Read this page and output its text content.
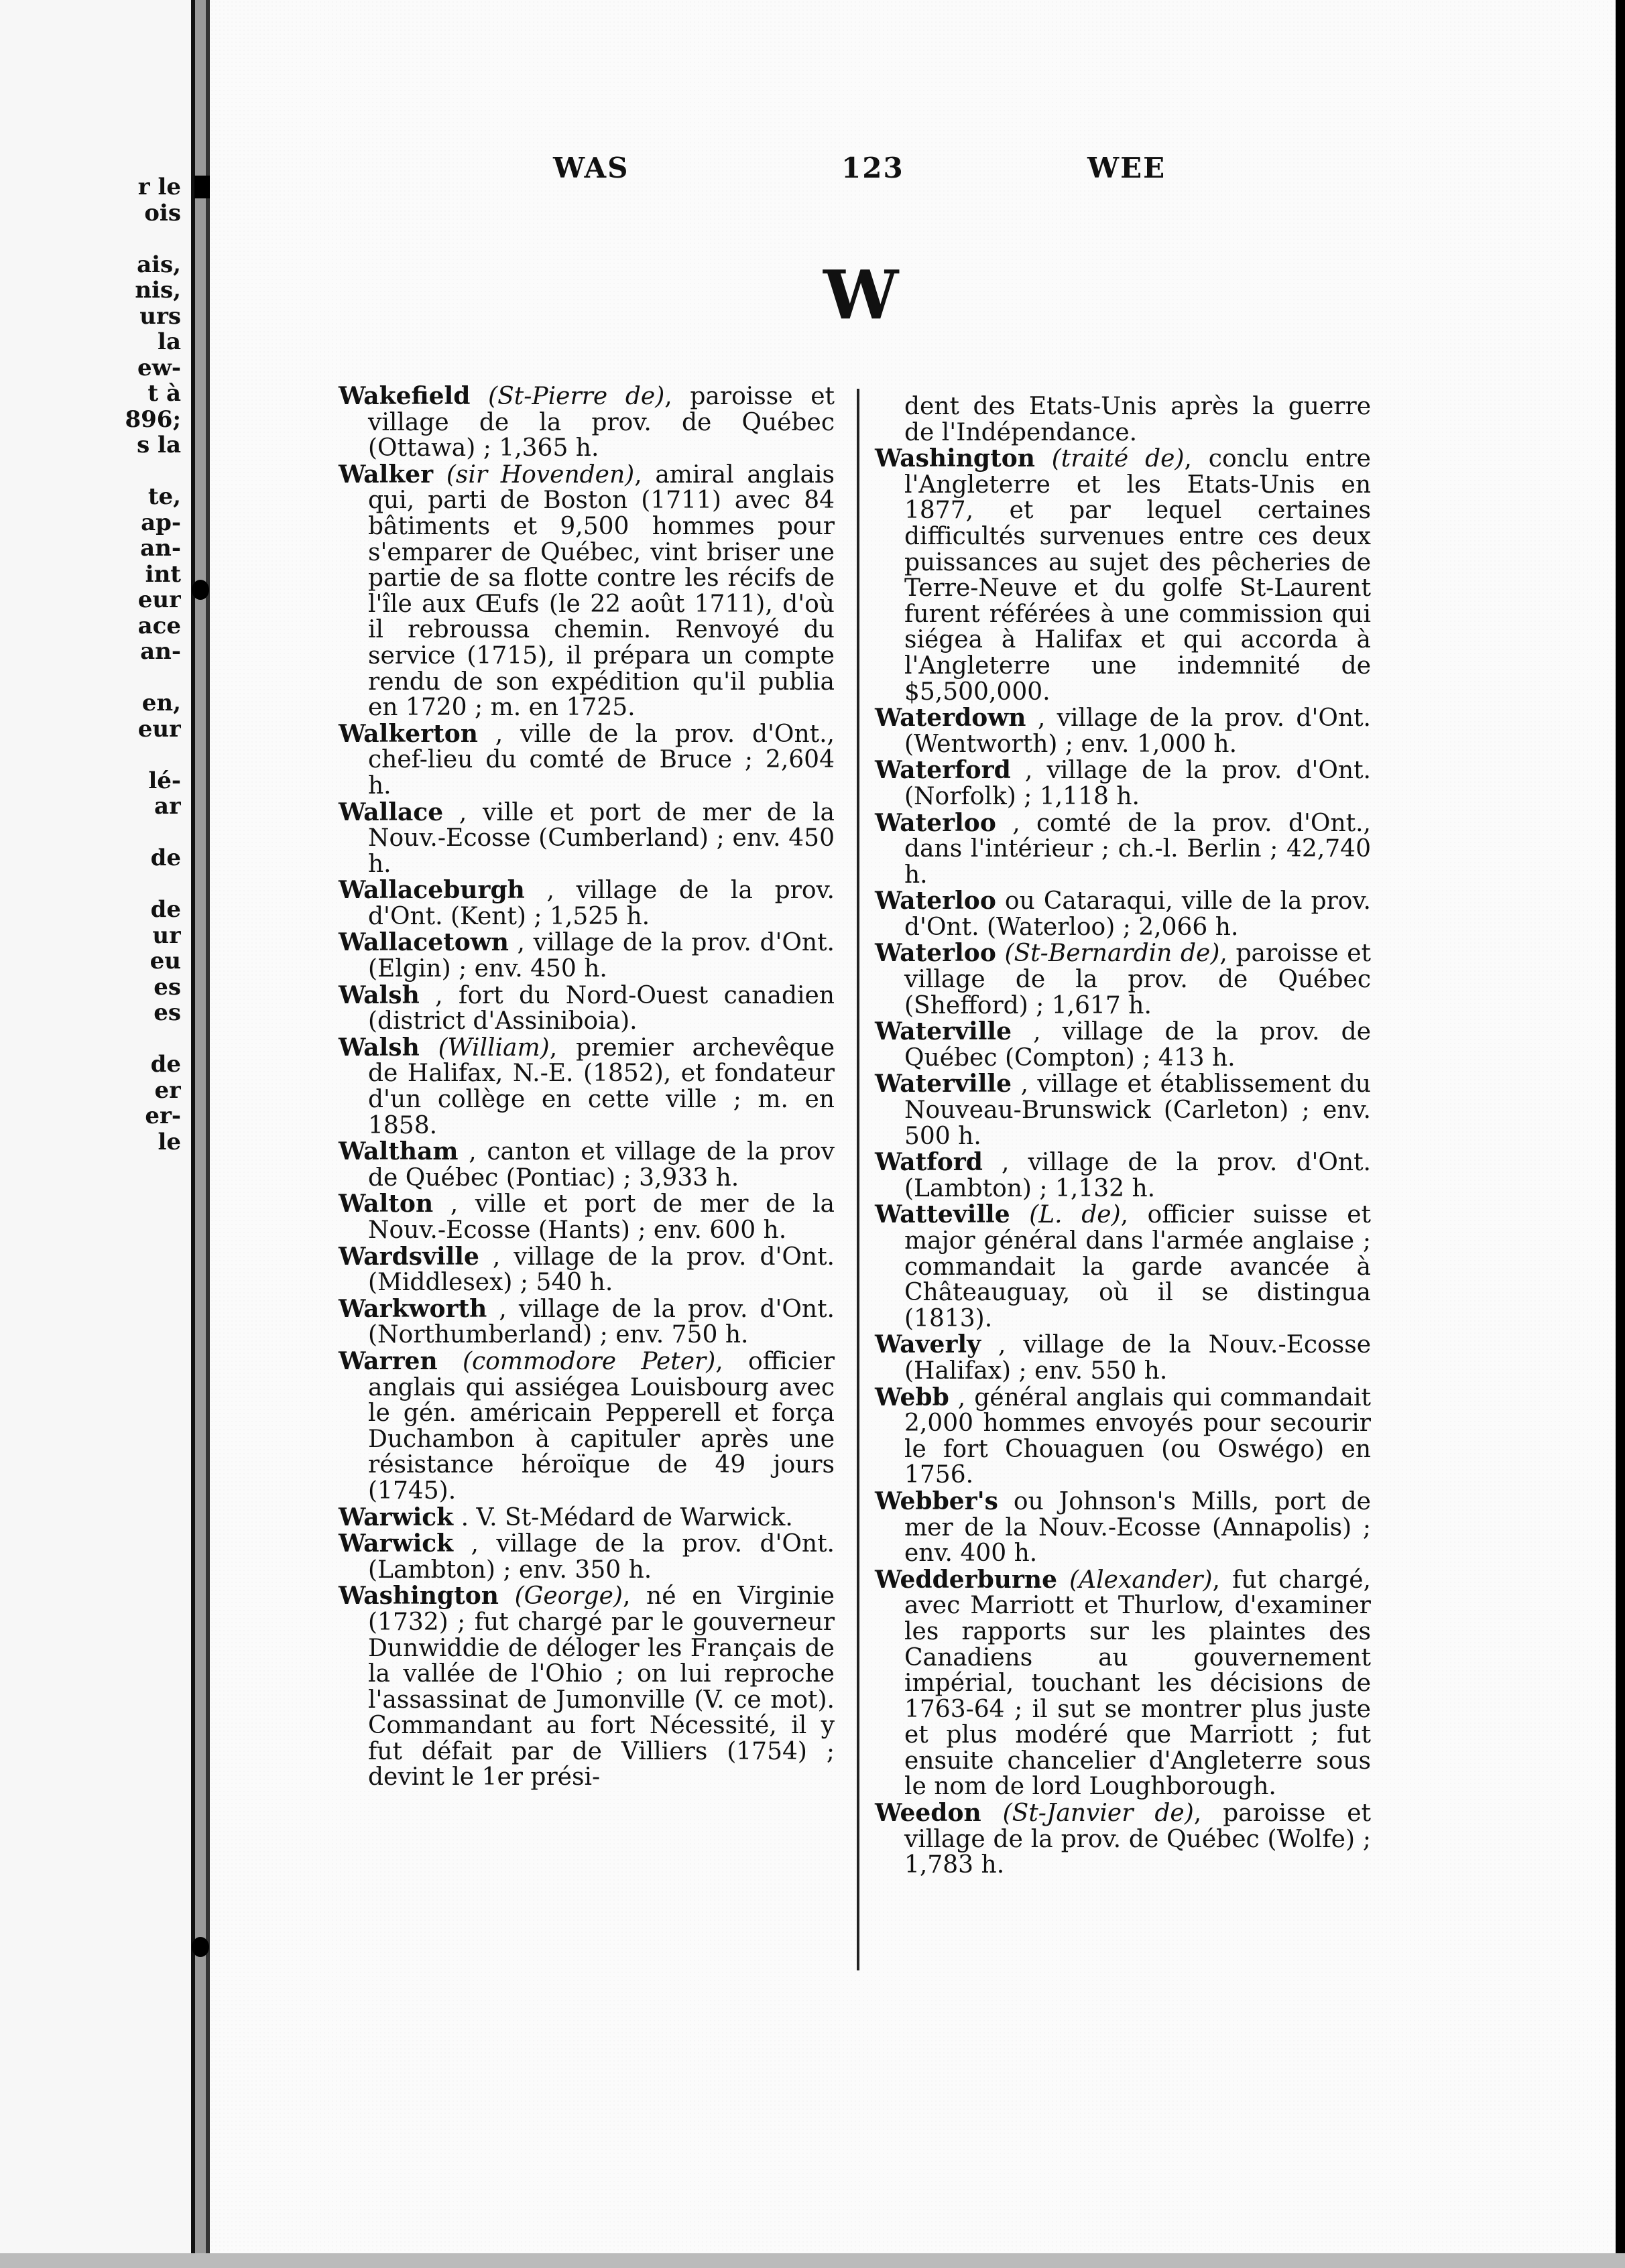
r le
ois
ais,
nis,
urs
la
ew-
t à
896;
s la
te,
ap-
an-
int
eur
ace
an-
en,
eur
lé-
ar
de
de
ur
eu
es
es
de
er
er-
le
WAS	123	WEE
W

Wakefield (St-Pierre de), paroisse et village de la prov. de Québec (Ottawa) ; 1,365 h.

Walker (sir Hovenden), amiral anglais qui, parti de Boston (1711) avec 84 bâtiments et 9,500 hommes pour s'emparer de Québec, vint briser une partie de sa flotte contre les récifs de l'île aux Œufs (le 22 août 1711), d'où il rebroussa chemin. Renvoyé du service (1715), il prépara un compte rendu de son expédition qu'il publia en 1720 ; m. en 1725.

Walkerton , ville de la prov. d'Ont., chef-lieu du comté de Bruce ; 2,604 h.

Wallace , ville et port de mer de la Nouv.-Ecosse (Cumberland) ; env. 450 h.

Wallaceburgh , village de la prov. d'Ont. (Kent) ; 1,525 h.

Wallacetown , village de la prov. d'Ont. (Elgin) ; env. 450 h.

Walsh , fort du Nord-Ouest canadien (district d'Assiniboia).

Walsh (William), premier archevêque de Halifax, N.-E. (1852), et fondateur d'un collège en cette ville ; m. en 1858.

Waltham , canton et village de la prov de Québec (Pontiac) ; 3,933 h.

Walton , ville et port de mer de la Nouv.-Ecosse (Hants) ; env. 600 h.

Wardsville , village de la prov. d'Ont. (Middlesex) ; 540 h.

Warkworth , village de la prov. d'Ont. (Northumberland) ; env. 750 h.

Warren (commodore Peter), officier anglais qui assiégea Louisbourg avec le gén. américain Pepperell et força Duchambon à capituler après une résistance héroïque de 49 jours (1745).

Warwick . V. St-Médard de Warwick.

Warwick , village de la prov. d'Ont. (Lambton) ; env. 350 h.

Washington (George), né en Virginie (1732) ; fut chargé par le gouverneur Dunwiddie de déloger les Français de la vallée de l'Ohio ; on lui reproche l'assassinat de Jumonville (V. ce mot). Commandant au fort Nécessité, il y fut défait par de Villiers (1754) ; devint le 1er prési-

dent des Etats-Unis après la guerre de l'Indépendance.

Washington (traité de), conclu entre l'Angleterre et les Etats-Unis en 1877, et par lequel certaines difficultés survenues entre ces deux puissances au sujet des pêcheries de Terre-Neuve et du golfe St-Laurent furent référées à une commission qui siégea à Halifax et qui accorda à l'Angleterre une indemnité de $5,500,000.

Waterdown , village de la prov. d'Ont. (Wentworth) ; env. 1,000 h.

Waterford , village de la prov. d'Ont. (Norfolk) ; 1,118 h.

Waterloo , comté de la prov. d'Ont., dans l'intérieur ; ch.-l. Berlin ; 42,740 h.

Waterloo ou Cataraqui, ville de la prov. d'Ont. (Waterloo) ; 2,066 h.

Waterloo (St-Bernardin de), paroisse et village de la prov. de Québec (Shefford) ; 1,617 h.

Waterville , village de la prov. de Québec (Compton) ; 413 h.

Waterville , village et établissement du Nouveau-Brunswick (Carleton) ; env. 500 h.

Watford , village de la prov. d'Ont. (Lambton) ; 1,132 h.

Watteville (L. de), officier suisse et major général dans l'armée anglaise ; commandait la garde avancée à Châteauguay, où il se distingua (1813).

Waverly , village de la Nouv.-Ecosse (Halifax) ; env. 550 h.

Webb , général anglais qui commandait 2,000 hommes envoyés pour secourir le fort Chouaguen (ou Oswégo) en 1756.

Webber's ou Johnson's Mills, port de mer de la Nouv.-Ecosse (Annapolis) ; env. 400 h.

Wedderburne (Alexander), fut chargé, avec Marriott et Thurlow, d'examiner les rapports sur les plaintes des Canadiens au gouvernement impérial, touchant les décisions de 1763-64 ; il sut se montrer plus juste et plus modéré que Marriott ; fut ensuite chancelier d'Angleterre sous le nom de lord Loughborough.

Weedon (St-Janvier de), paroisse et village de la prov. de Québec (Wolfe) ; 1,783 h.
